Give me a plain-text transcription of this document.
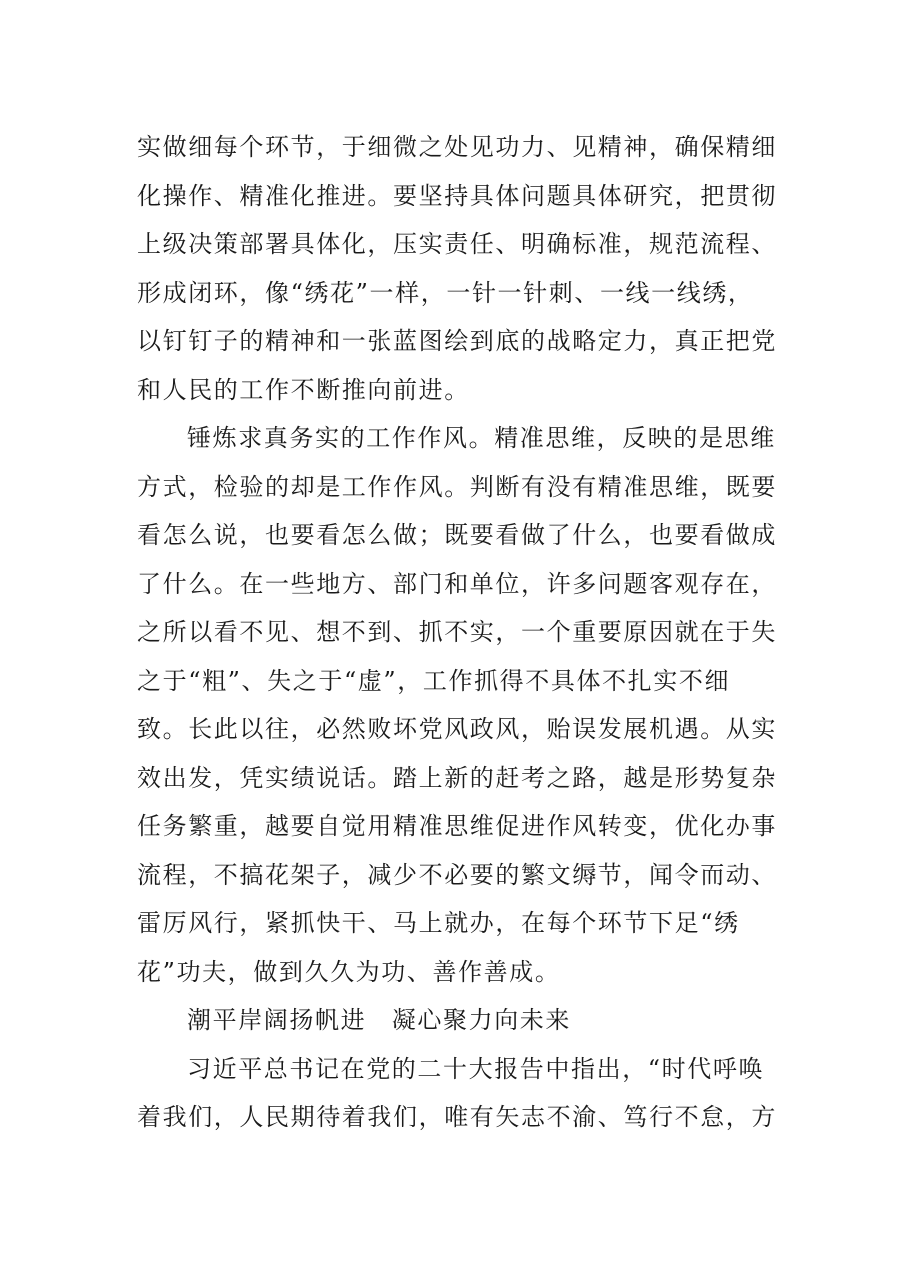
实做细每个环节，于细微之处见功力、见精神，确保精细
化操作、精准化推进。要坚持具体问题具体研究，把贯彻
上级决策部署具体化，压实责任、明确标准，规范流程、
形成闭环，像“绣花”一样，一针一针刺、一线一线绣，
以钉钉子的精神和一张蓝图绘到底的战略定力，真正把党
和人民的工作不断推向前进。
锤炼求真务实的工作作风。精准思维，反映的是思维
方式，检验的却是工作作风。判断有没有精准思维，既要
看怎么说，也要看怎么做；既要看做了什么，也要看做成
了什么。在一些地方、部门和单位，许多问题客观存在，
之所以看不见、想不到、抓不实，一个重要原因就在于失
之于“粗”、失之于“虚”，工作抓得不具体不扎实不细
致。长此以往，必然败坏党风政风，贻误发展机遇。从实
效出发，凭实绩说话。踏上新的赶考之路，越是形势复杂
任务繁重，越要自觉用精准思维促进作风转变，优化办事
流程，不搞花架子，减少不必要的繁文缛节，闻令而动、
雷厉风行，紧抓快干、马上就办，在每个环节下足“绣
花”功夫，做到久久为功、善作善成。
潮平岸阔扬帆进　凝心聚力向未来
习近平总书记在党的二十大报告中指出，“时代呼唤
着我们，人民期待着我们，唯有矢志不渝、笃行不怠，方
